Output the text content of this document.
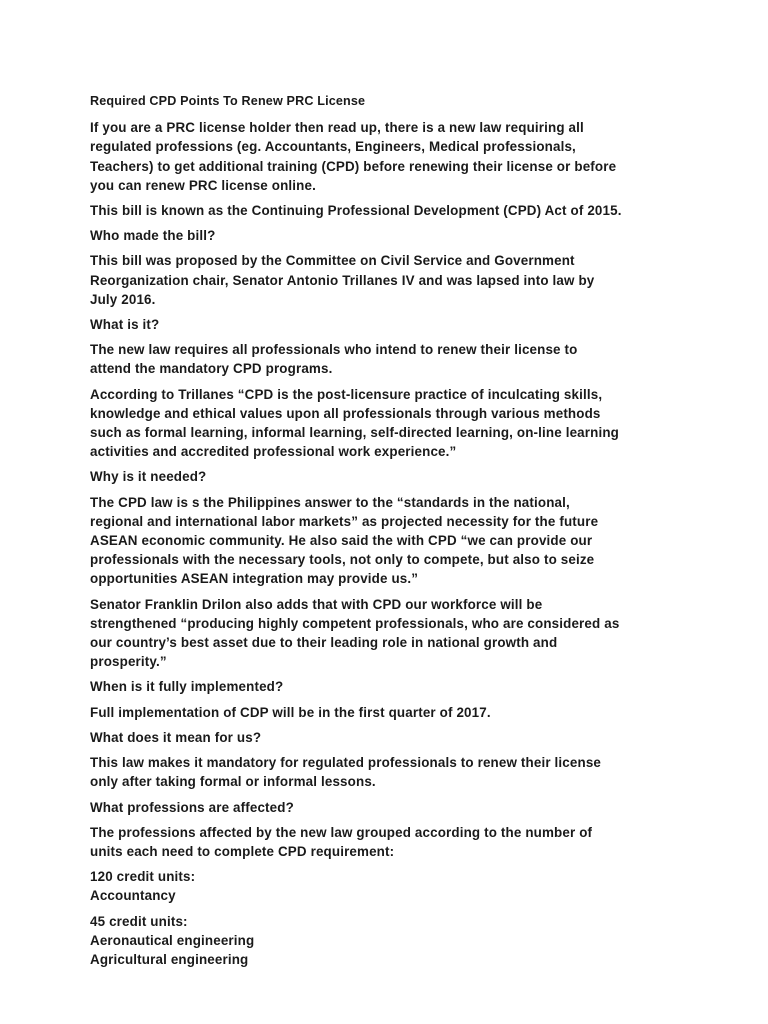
Required CPD Points To Renew PRC License
If you are a PRC license holder then read up, there is a new law requiring all
regulated professions (eg. Accountants, Engineers, Medical professionals,
Teachers) to get additional training (CPD) before renewing their license or before
you can renew PRC license online.
This bill is known as the Continuing Professional Development (CPD) Act of 2015.
Who made the bill?
This bill was proposed by the Committee on Civil Service and Government
Reorganization chair, Senator Antonio Trillanes IV and was lapsed into law by
July 2016.
What is it?
The new law requires all professionals who intend to renew their license to
attend the mandatory CPD programs.
According to Trillanes “CPD is the post-licensure practice of inculcating skills,
knowledge and ethical values upon all professionals through various methods
such as formal learning, informal learning, self-directed learning, on-line learning
activities and accredited professional work experience.”
Why is it needed?
The CPD law is s the Philippines answer to the “standards in the national,
regional and international labor markets” as projected necessity for the future
ASEAN economic community. He also said the with CPD “we can provide our
professionals with the necessary tools, not only to compete, but also to seize
opportunities ASEAN integration may provide us.”
Senator Franklin Drilon also adds that with CPD our workforce will be
strengthened “producing highly competent professionals, who are considered as
our country’s best asset due to their leading role in national growth and
prosperity.”
When is it fully implemented?
Full implementation of CDP will be in the first quarter of 2017.
What does it mean for us?
This law makes it mandatory for regulated professionals to renew their license
only after taking formal or informal lessons.
What professions are affected?
The professions affected by the new law grouped according to the number of
units each need to complete CPD requirement:
120 credit units:
Accountancy
45 credit units:
Aeronautical engineering
Agricultural engineering
